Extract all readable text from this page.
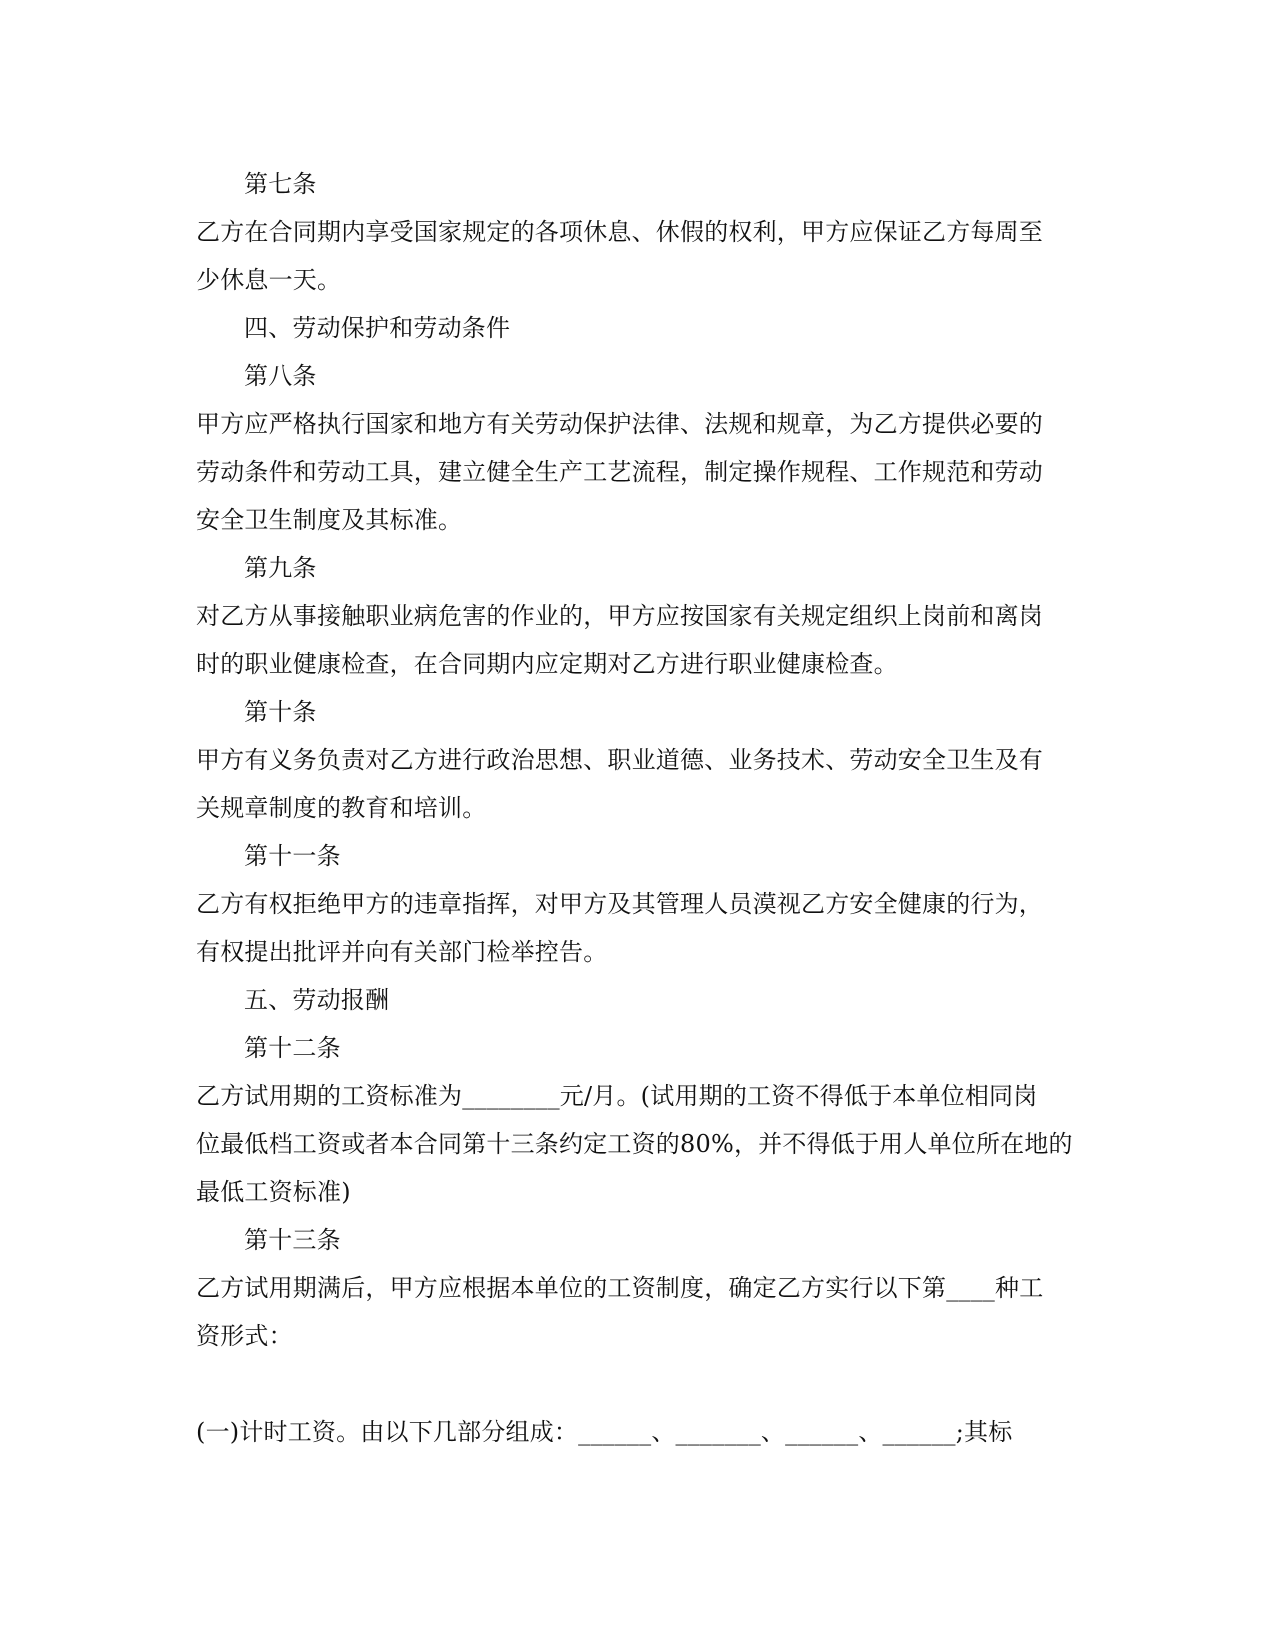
第七条
乙方在合同期内享受国家规定的各项休息、休假的权利，甲方应保证乙方每周至
少休息一天。
四、劳动保护和劳动条件
第八条
甲方应严格执行国家和地方有关劳动保护法律、法规和规章，为乙方提供必要的
劳动条件和劳动工具，建立健全生产工艺流程，制定操作规程、工作规范和劳动
安全卫生制度及其标准。
第九条
对乙方从事接触职业病危害的作业的，甲方应按国家有关规定组织上岗前和离岗
时的职业健康检查，在合同期内应定期对乙方进行职业健康检查。
第十条
甲方有义务负责对乙方进行政治思想、职业道德、业务技术、劳动安全卫生及有
关规章制度的教育和培训。
第十一条
乙方有权拒绝甲方的违章指挥，对甲方及其管理人员漠视乙方安全健康的行为，
有权提出批评并向有关部门检举控告。
五、劳动报酬
第十二条
乙方试用期的工资标准为________元/月。(试用期的工资不得低于本单位相同岗
位最低档工资或者本合同第十三条约定工资的80%，并不得低于用人单位所在地的
最低工资标准)
第十三条
乙方试用期满后，甲方应根据本单位的工资制度，确定乙方实行以下第____种工
资形式：
(一)计时工资。由以下几部分组成：______、_______、______、______;其标
